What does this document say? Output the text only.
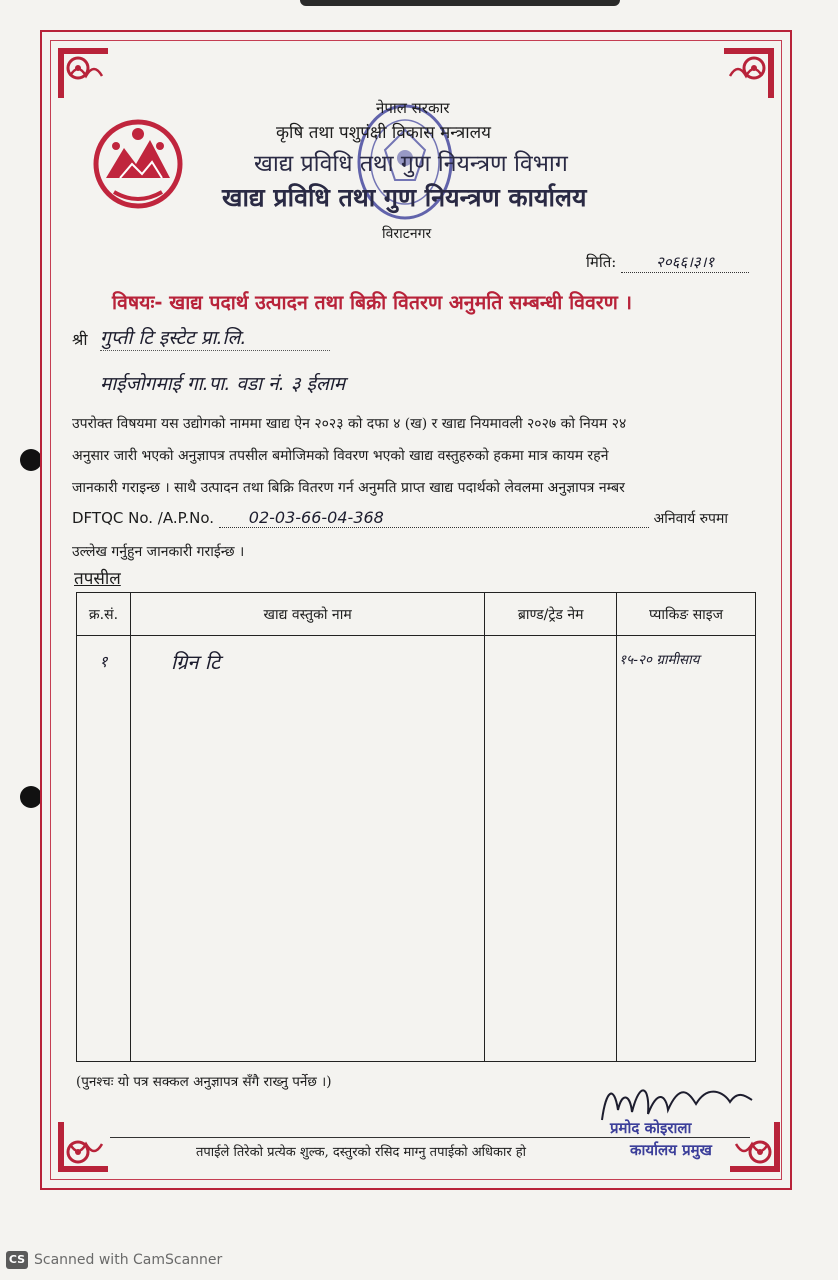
नेपाल सरकार
कृषि तथा पशुपंक्षी विकास मन्त्रालय
खाद्य प्रविधि तथा गुण नियन्त्रण विभाग
खाद्य प्रविधि तथा गुण नियन्त्रण कार्यालय
विराटनगर
मिति:	२०६६।३।१
विषयः- खाद्य पदार्थ उत्पादन तथा बिक्री वितरण अनुमति सम्बन्धी विवरण ।
श्री गुप्ती टि इस्टेट प्रा.लि.
माईजोगमाई गा.पा. वडा नं. ३ ईलाम
उपरोक्त विषयमा यस उद्योगको नाममा खाद्य ऐन २०२३ को दफा ४ (ख) र खाद्य नियमावली २०२७ को नियम २४
अनुसार जारी भएको अनुज्ञापत्र तपसील बमोजिमको विवरण भएको खाद्य वस्तुहरुको हकमा मात्र कायम रहने
जानकारी गराइन्छ । साथै उत्पादन तथा बिक्रि वितरण गर्न अनुमति प्राप्त खाद्य पदार्थको लेवलमा अनुज्ञापत्र नम्बर
DFTQC No. /A.P.No. 02-03-66-04-368	अनिवार्य रुपमा
उल्लेख गर्नुहुन जानकारी गराईन्छ ।
तपसील
क्र.सं.	खाद्य वस्तुको नाम	ब्राण्ड/ट्रेड नेम	प्याकिङ साइज
१	ग्रिन टि		१५-२० ग्रामीसाय
(पुनश्चः यो पत्र सक्कल अनुज्ञापत्र सँगै राख्नु पर्नेछ ।)
प्रमोद कोइराला
तपाईले तिरेको प्रत्येक शुल्क, दस्तुरको रसिद माग्नु तपाईको अधिकार हो	कार्यालय प्रमुख
CS Scanned with CamScanner
